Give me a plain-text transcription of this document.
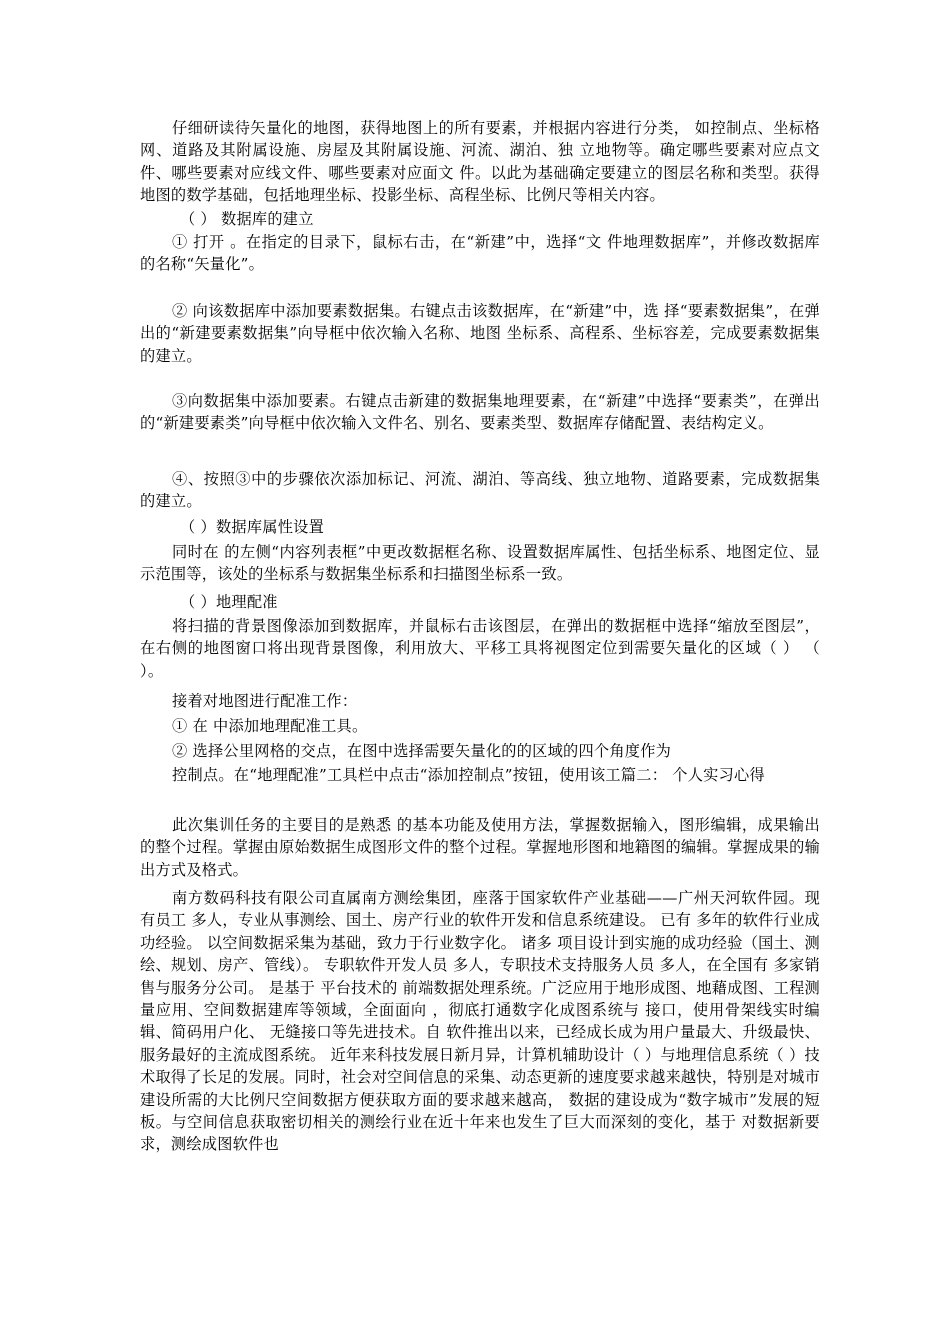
仔细研读待矢量化的地图，获得地图上的所有要素，并根据内容进行分类， 如控制点、坐标格网、道路及其附属设施、房屋及其附属设施、河流、湖泊、独 立地物等。确定哪些要素对应点文件、哪些要素对应线文件、哪些要素对应面文 件。以此为基础确定要建立的图层名称和类型。获得地图的数学基础，包括地理坐标、投影坐标、高程坐标、比例尺等相关内容。

（ ） 数据库的建立

① 打开 。在指定的目录下，鼠标右击，在“新建”中，选择“文 件地理数据库”，并修改数据库的名称“矢量化”。

② 向该数据库中添加要素数据集。右键点击该数据库，在“新建”中，选 择“要素数据集”，在弹出的“新建要素数据集”向导框中依次输入名称、地图 坐标系、高程系、坐标容差，完成要素数据集的建立。

③向数据集中添加要素。右键点击新建的数据集地理要素，在“新建”中选择“要素类”，在弹出的“新建要素类”向导框中依次输入文件名、别名、要素类型、数据库存储配置、表结构定义。

④、按照③中的步骤依次添加标记、河流、湖泊、等高线、独立地物、道路要素，完成数据集的建立。

（ ）数据库属性设置

同时在 的左侧“内容列表框”中更改数据框名称、设置数据库属性、包括坐标系、地图定位、显示范围等，该处的坐标系与数据集坐标系和扫描图坐标系一致。

（ ）地理配准

将扫描的背景图像添加到数据库，并鼠标右击该图层，在弹出的数据框中选择“缩放至图层”，在右侧的地图窗口将出现背景图像，利用放大、平移工具将视图定位到需要矢量化的区域（ ） （ ）。

接着对地图进行配准工作：

① 在 中添加地理配准工具。

② 选择公里网格的交点，在图中选择需要矢量化的的区域的四个角度作为

控制点。在“地理配准”工具栏中点击“添加控制点”按钮，使用该工篇二： 个人实习心得

此次集训任务的主要目的是熟悉 的基本功能及使用方法，掌握数据输入，图形编辑，成果输出的整个过程。掌握由原始数据生成图形文件的整个过程。掌握地形图和地籍图的编辑。掌握成果的输出方式及格式。

南方数码科技有限公司直属南方测绘集团，座落于国家软件产业基础——广州天河软件园。现有员工 多人，专业从事测绘、国土、房产行业的软件开发和信息系统建设。 已有 多年的软件行业成功经验。 以空间数据采集为基础，致力于行业数字化。 诸多 项目设计到实施的成功经验（国土、测绘、规划、房产、管线）。 专职软件开发人员 多人，专职技术支持服务人员 多人，在全国有 多家销售与服务分公司。 是基于 平台技术的 前端数据处理系统。广泛应用于地形成图、地藉成图、工程测量应用、空间数据建库等领域，全面面向 ，彻底打通数字化成图系统与 接口，使用骨架线实时编辑、简码用户化、 无缝接口等先进技术。自 软件推出以来，已经成长成为用户量最大、升级最快、服务最好的主流成图系统。 近年来科技发展日新月异，计算机辅助设计（ ）与地理信息系统（ ）技术取得了长足的发展。同时，社会对空间信息的采集、动态更新的速度要求越来越快，特别是对城市建设所需的大比例尺空间数据方便获取方面的要求越来越高， 数据的建设成为“数字城市”发展的短板。与空间信息获取密切相关的测绘行业在近十年来也发生了巨大而深刻的变化，基于 对数据新要求，测绘成图软件也
